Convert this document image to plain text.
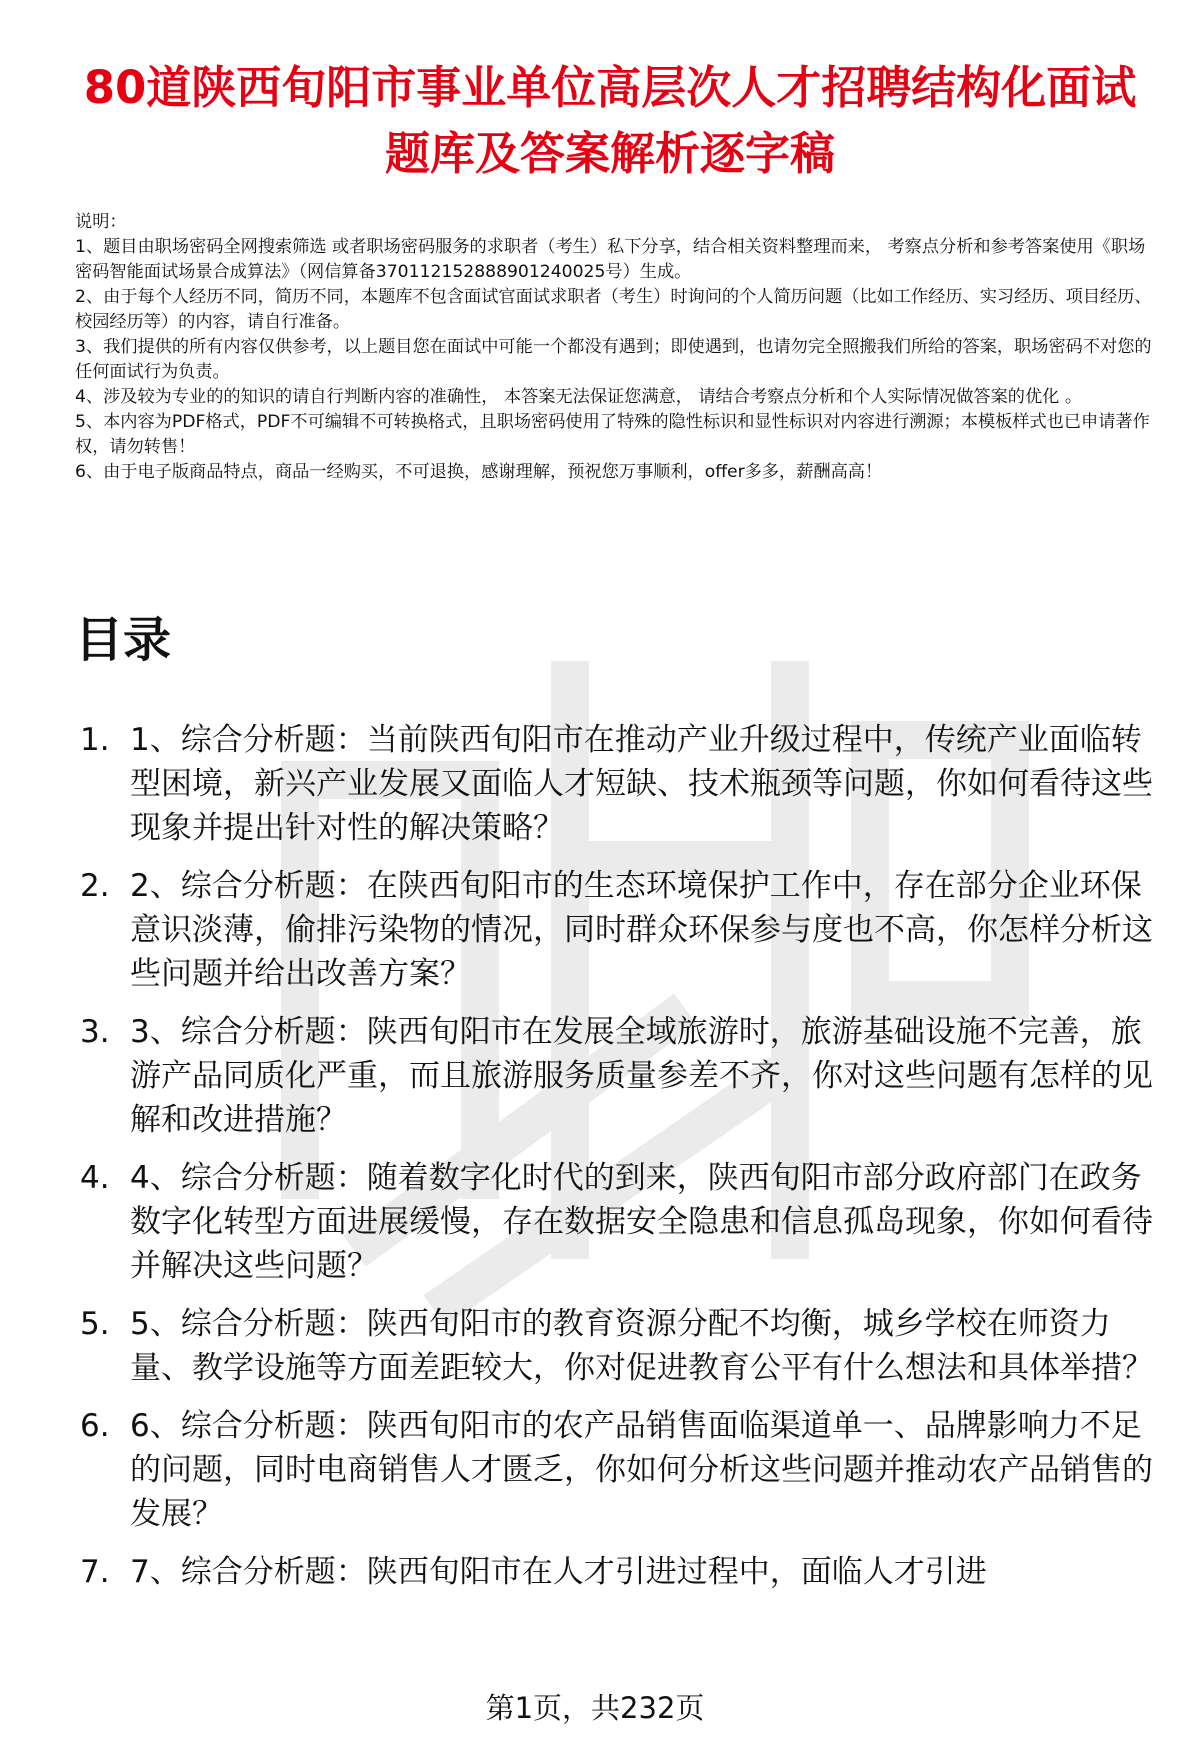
80道陕西旬阳市事业单位高层次人才招聘结构化面试题库及答案解析逐字稿

说明：

1、题目由职场密码全网搜索筛选 或者职场密码服务的求职者（考生）私下分享，结合相关资料整理而来， 考察点分析和参考答案使用《职场密码智能面试场景合成算法》（网信算备370112152888901240025号）生成。

2、由于每个人经历不同，简历不同，本题库不包含面试官面试求职者（考生）时询问的个人简历问题（比如工作经历、实习经历、项目经历、校园经历等）的内容，请自行准备。

3、我们提供的所有内容仅供参考，以上题目您在面试中可能一个都没有遇到；即使遇到，也请勿完全照搬我们所给的答案，职场密码不对您的任何面试行为负责。

4、涉及较为专业的的知识的请自行判断内容的准确性， 本答案无法保证您满意， 请结合考察点分析和个人实际情况做答案的优化 。

5、本内容为PDF格式，PDF不可编辑不可转换格式，且职场密码使用了特殊的隐性标识和显性标识对内容进行溯源；本模板样式也已申请著作权，请勿转售！

6、由于电子版商品特点，商品一经购买，不可退换，感谢理解，预祝您万事顺利，offer多多，薪酬高高！

目录
1. 1、综合分析题：当前陕西旬阳市在推动产业升级过程中，传统产业面临转型困境，新兴产业发展又面临人才短缺、技术瓶颈等问题，你如何看待这些现象并提出针对性的解决策略？
2. 2、综合分析题：在陕西旬阳市的生态环境保护工作中，存在部分企业环保意识淡薄，偷排污染物的情况，同时群众环保参与度也不高，你怎样分析这些问题并给出改善方案？
3. 3、综合分析题：陕西旬阳市在发展全域旅游时，旅游基础设施不完善，旅游产品同质化严重，而且旅游服务质量参差不齐，你对这些问题有怎样的见解和改进措施？
4. 4、综合分析题：随着数字化时代的到来，陕西旬阳市部分政府部门在政务数字化转型方面进展缓慢，存在数据安全隐患和信息孤岛现象，你如何看待并解决这些问题？
5. 5、综合分析题：陕西旬阳市的教育资源分配不均衡，城乡学校在师资力量、教学设施等方面差距较大，你对促进教育公平有什么想法和具体举措？
6. 6、综合分析题：陕西旬阳市的农产品销售面临渠道单一、品牌影响力不足的问题，同时电商销售人才匮乏，你如何分析这些问题并推动农产品销售的发展？
7. 7、综合分析题：陕西旬阳市在人才引进过程中，面临人才引进
第1页，共232页
